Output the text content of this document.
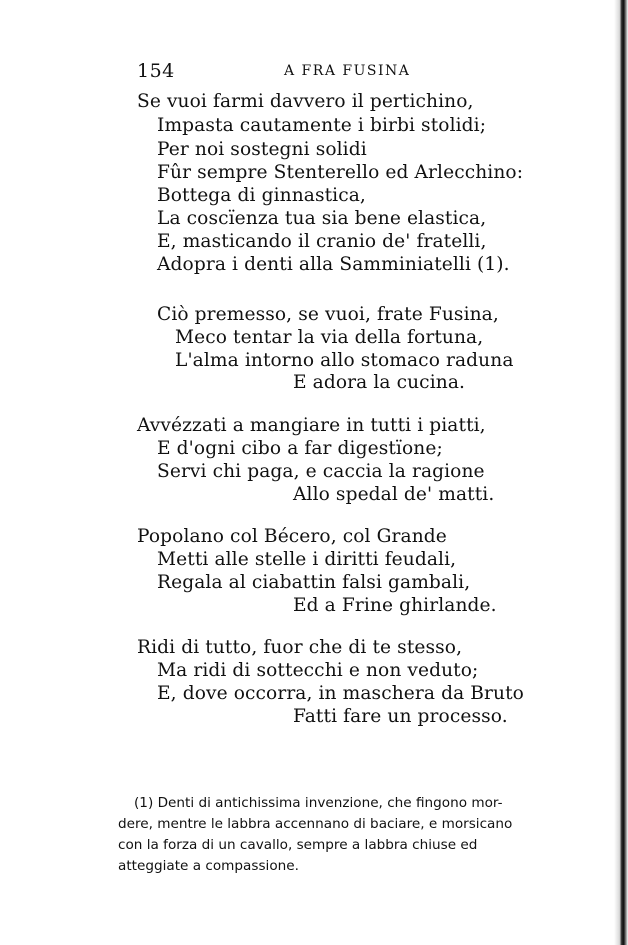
154	A FRA FUSINA
Se vuoi farmi davvero il pertichino,
Impasta cautamente i birbi stolidi;
Per noi sostegni solidi
Fûr sempre Stenterello ed Arlecchino:
Bottega di ginnastica,
La coscïenza tua sia bene elastica,
E, masticando il cranio de' fratelli,
Adopra i denti alla Samminiatelli (1).
Ciò premesso, se vuoi, frate Fusina,
Meco tentar la via della fortuna,
L'alma intorno allo stomaco raduna
E adora la cucina.
Avvézzati a mangiare in tutti i piatti,
E d'ogni cibo a far digestïone;
Servi chi paga, e caccia la ragione
Allo spedal de' matti.
Popolano col Bécero, col Grande
Metti alle stelle i diritti feudali,
Regala al ciabattin falsi gambali,
Ed a Frine ghirlande.
Ridi di tutto, fuor che di te stesso,
Ma ridi di sottecchi e non veduto;
E, dove occorra, in maschera da Bruto
Fatti fare un processo.
(1) Denti di antichissima invenzione, che fingono mor-
dere, mentre le labbra accennano di baciare, e morsicano
con la forza di un cavallo, sempre a labbra chiuse ed
atteggiate a compassione.
